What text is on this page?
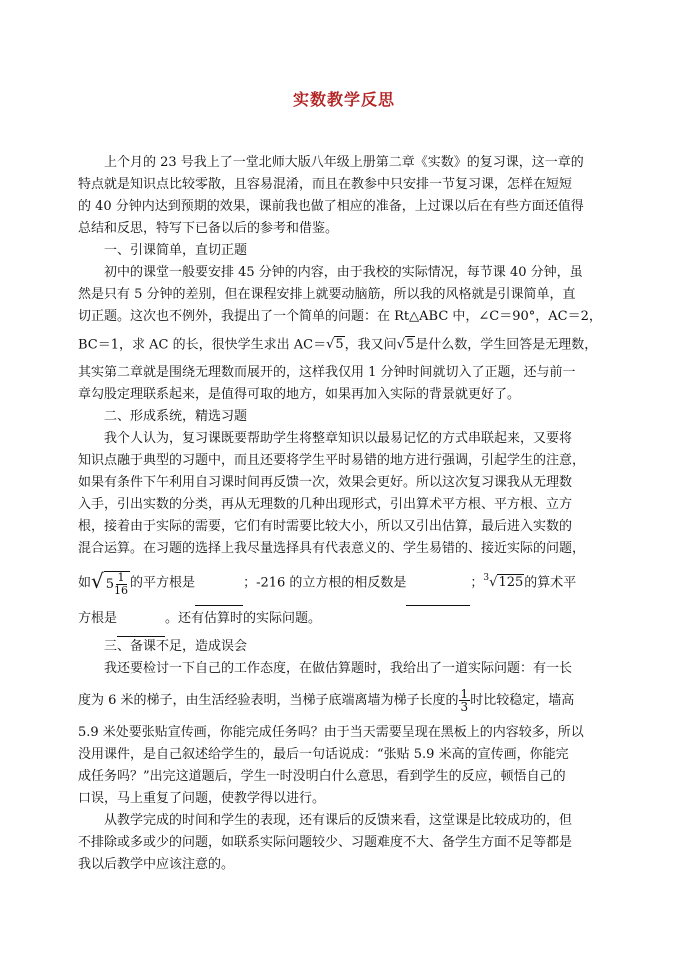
实数教学反思

上个月的 23 号我上了一堂北师大版八年级上册第二章《实数》的复习课，这一章的
特点就是知识点比较零散，且容易混淆，而且在教参中只安排一节复习课，怎样在短短
的 40 分钟内达到预期的效果，课前我也做了相应的准备，上过课以后在有些方面还值得
总结和反思，特写下已备以后的参考和借鉴。

一、引课简单，直切正题

初中的课堂一般要安排 45 分钟的内容，由于我校的实际情况，每节课 40 分钟，虽
然是只有 5 分钟的差别，但在课程安排上就要动脑筋，所以我的风格就是引课简单，直
切正题。这次也不例外，我提出了一个简单的问题：在 Rt△ABC 中，∠C＝90°，AC＝2，
BC＝1，求 AC 的长，很快学生求出 AC＝√5，我又问√5是什么数，学生回答是无理数，
其实第二章就是围绕无理数而展开的，这样我仅用 1 分钟时间就切入了正题，还与前一
章勾股定理联系起来，是值得可取的地方，如果再加入实际的背景就更好了。

二、形成系统，精选习题

我个人认为，复习课既要帮助学生将整章知识以最易记忆的方式串联起来，又要将
知识点融于典型的习题中，而且还要将学生平时易错的地方进行强调，引起学生的注意，
如果有条件下午利用自习课时间再反馈一次，效果会更好。所以这次复习课我从无理数
入手，引出实数的分类，再从无理数的几种出现形式，引出算术平方根、平方根、立方
根，接着由于实际的需要，它们有时需要比较大小，所以又引出估算，最后进入实数的
混合运算。在习题的选择上我尽量选择具有代表意义的、学生易错的、接近实际的问题，
如√ $5 \frac{1}{16}$ 的平方根是	；-216 的立方根的相反数是	；$^3$√125的算术平
方根是	。还有估算时的实际问题。

三、备课不足，造成误会

我还要检讨一下自己的工作态度，在做估算题时，我给出了一道实际问题：有一长
度为 6 米的梯子，由生活经验表明，当梯子底端离墙为梯子长度的 $\frac{1}{3}$ 时比较稳定，墙高
5.9 米处要张贴宣传画，你能完成任务吗？由于当天需要呈现在黑板上的内容较多，所以
没用课件，是自己叙述给学生的，最后一句话说成：“张贴 5.9 米高的宣传画，你能完
成任务吗？”出完这道题后，学生一时没明白什么意思，看到学生的反应，顿悟自己的
口误，马上重复了问题，使教学得以进行。

从教学完成的时间和学生的表现，还有课后的反馈来看，这堂课是比较成功的，但
不排除或多或少的问题，如联系实际问题较少、习题难度不大、备学生方面不足等都是
我以后教学中应该注意的。
